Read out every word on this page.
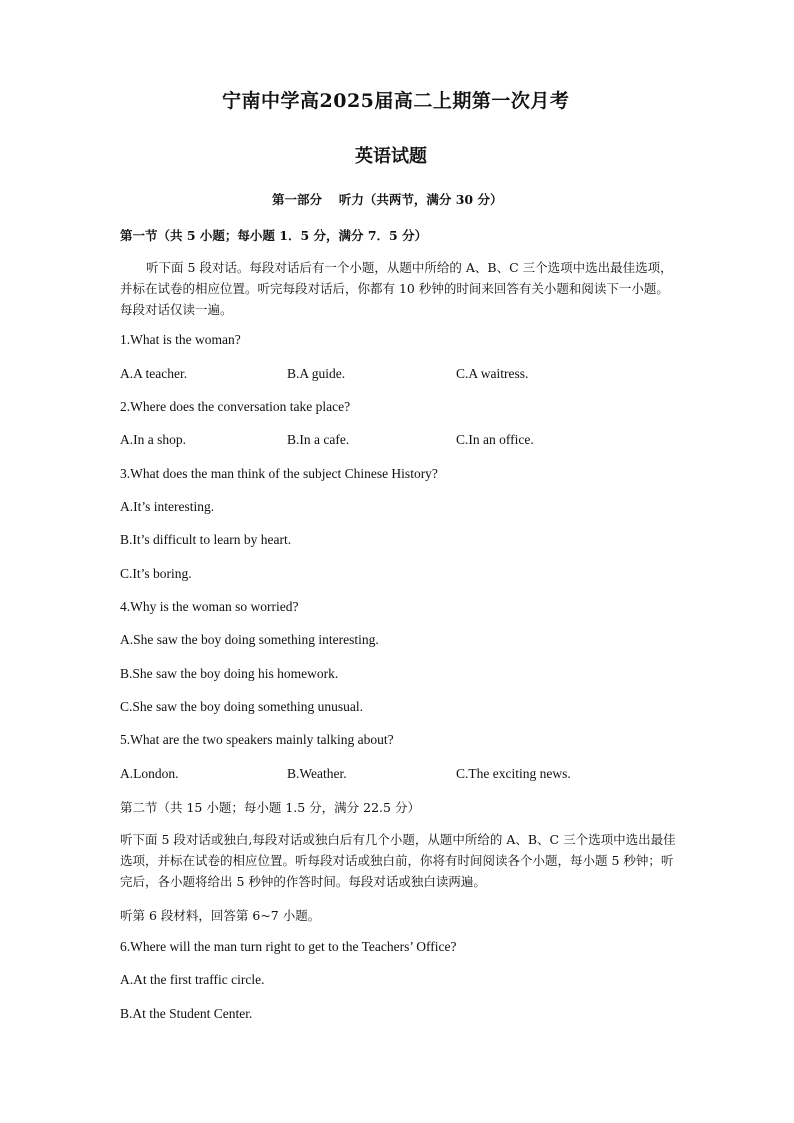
宁南中学高2025届高二上期第一次月考
英语试题
第一部分　 听力（共两节，满分 30 分）
第一节（共 5 小题；每小题 1．5 分，满分 7．5 分）
听下面 5 段对话。每段对话后有一个小题，从题中所给的 A、B、C 三个选项中选出最佳选项，并标在试卷的相应位置。听完每段对话后，你都有 10 秒钟的时间来回答有关小题和阅读下一小题。每段对话仅读一遍。
1.What is the woman?
A.A teacher.	B.A guide.	C.A waitress.
2.Where does the conversation take place?
A.In a shop.	B.In a cafe.	C.In an office.
3.What does the man think of the subject Chinese History?
A.It’s interesting.
B.It’s difficult to learn by heart.
C.It’s boring.
4.Why is the woman so worried?
A.She saw the boy doing something interesting.
B.She saw the boy doing his homework.
C.She saw the boy doing something unusual.
5.What are the two speakers mainly talking about?
A.London.	B.Weather.	C.The exciting news.
第二节（共 15 小题；每小题 1.5 分，满分 22.5 分）
听下面 5 段对话或独白,每段对话或独白后有几个小题，从题中所给的 A、B、C 三个选项中选出最佳选项，并标在试卷的相应位置。听每段对话或独白前，你将有时间阅读各个小题，每小题 5 秒钟；听完后，各小题将给出 5 秒钟的作答时间。每段对话或独白读两遍。
听第 6 段材料，回答第 6~7 小题。
6.Where will the man turn right to get to the Teachers’ Office?
A.At the first traffic circle.
B.At the Student Center.
